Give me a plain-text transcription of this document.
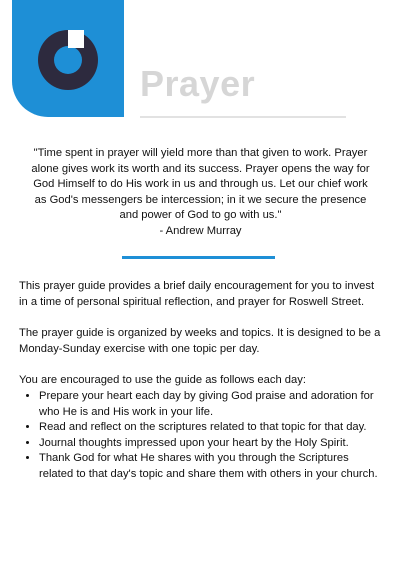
Prayer

"Time spent in prayer will yield more than that given to work. Prayer alone gives work its worth and its success. Prayer opens the way for God Himself to do His work in us and through us. Let our chief work as God's messengers be intercession; in it we secure the presence and power of God to go with us."

- Andrew Murray

This prayer guide provides a brief daily encouragement for you to invest in a time of personal spiritual reflection, and prayer for Roswell Street.

The prayer guide is organized by weeks and topics. It is designed to be a Monday-Sunday exercise with one topic per day.

You are encouraged to use the guide as follows each day:
• Prepare your heart each day by giving God praise and adoration for who He is and His work in your life.
• Read and reflect on the scriptures related to that topic for that day.
• Journal thoughts impressed upon your heart by the Holy Spirit.
• Thank God for what He shares with you through the Scriptures related to that day's topic and share them with others in your church.
